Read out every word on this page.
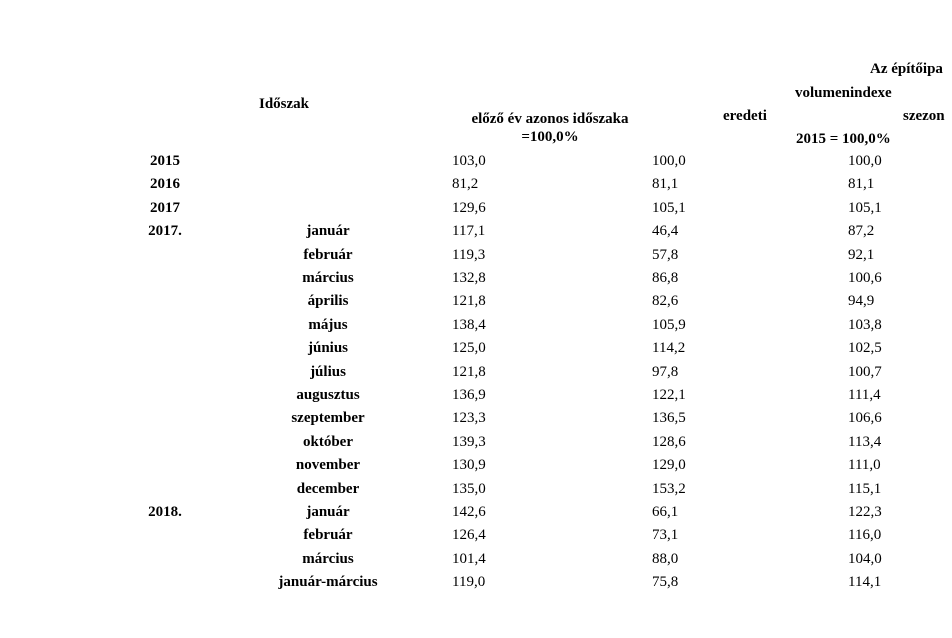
Az építőipa
volumenindexe
Időszak
eredeti	szezon
előző év azonos időszaka
=100,0%	2015 = 100,0%
2015	103,0	100,0	100,0
2016	81,2	81,1	81,1
2017	129,6	105,1	105,1
2017.	január	117,1	46,4	87,2
február	119,3	57,8	92,1
március	132,8	86,8	100,6
április	121,8	82,6	94,9
május	138,4	105,9	103,8
június	125,0	114,2	102,5
július	121,8	97,8	100,7
augusztus	136,9	122,1	111,4
szeptember	123,3	136,5	106,6
október	139,3	128,6	113,4
november	130,9	129,0	111,0
december	135,0	153,2	115,1
2018.	január	142,6	66,1	122,3
február	126,4	73,1	116,0
március	101,4	88,0	104,0
január-március	119,0	75,8	114,1
